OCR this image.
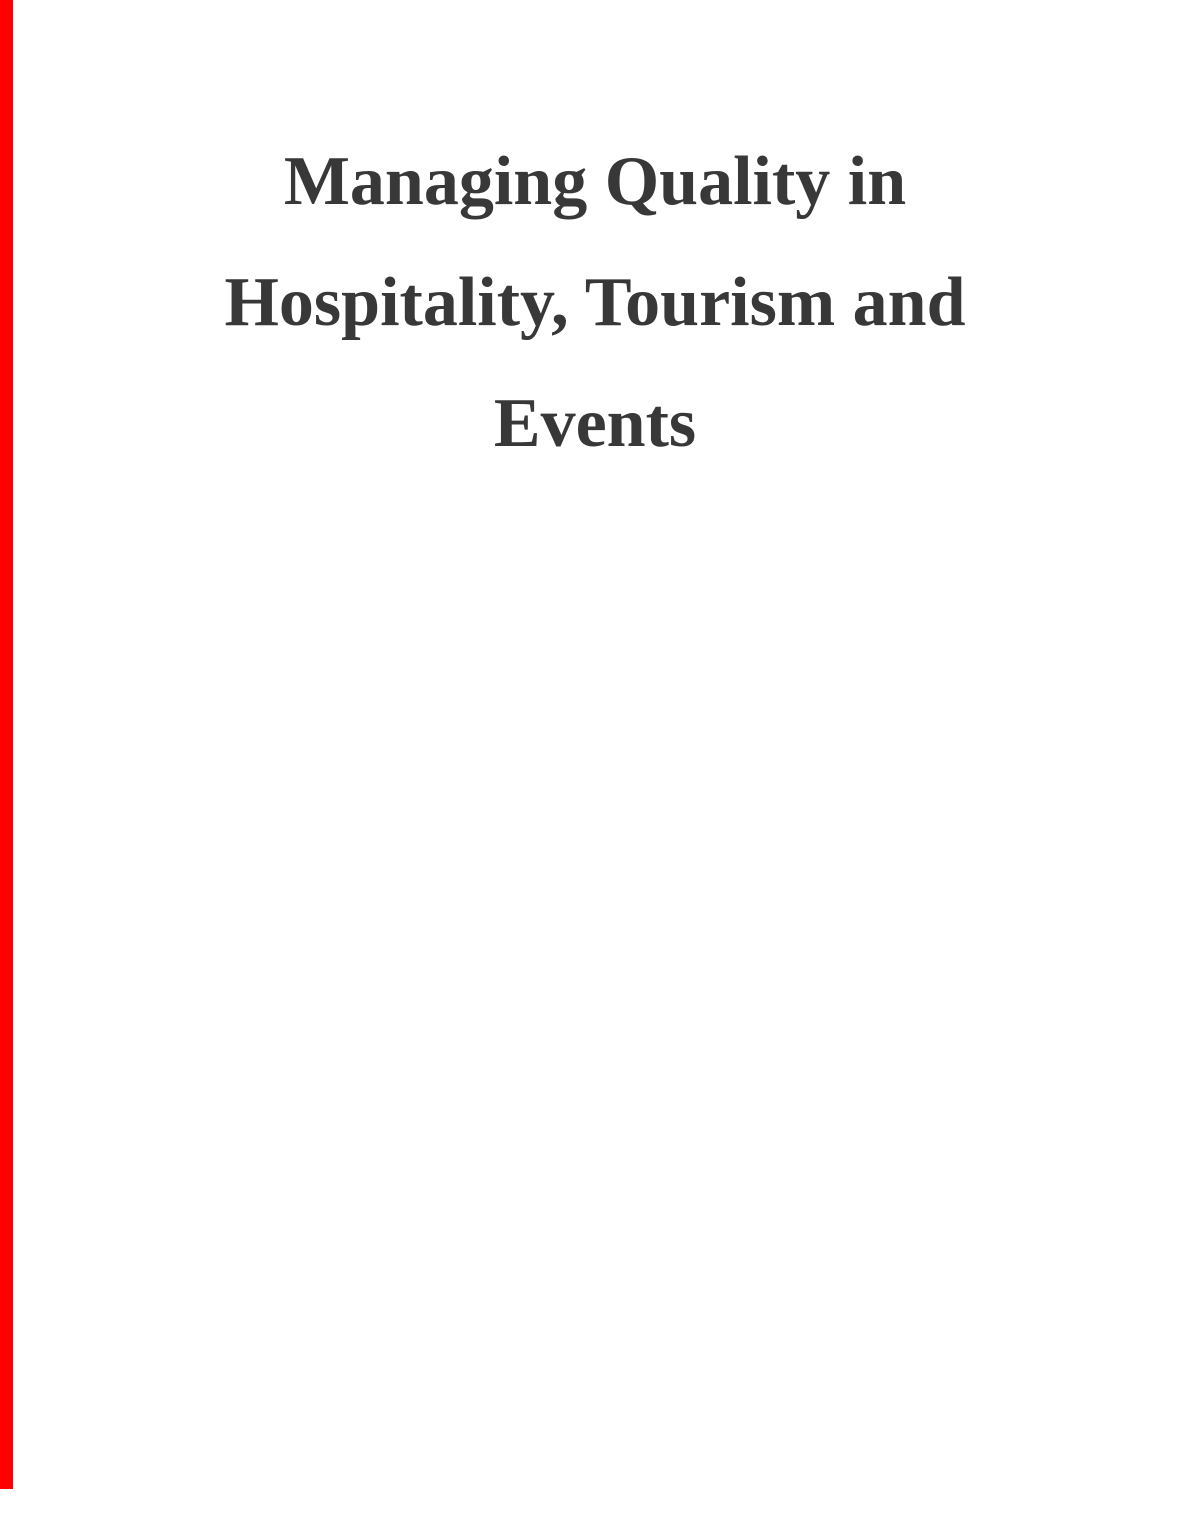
Managing Quality in
Hospitality, Tourism and
Events
